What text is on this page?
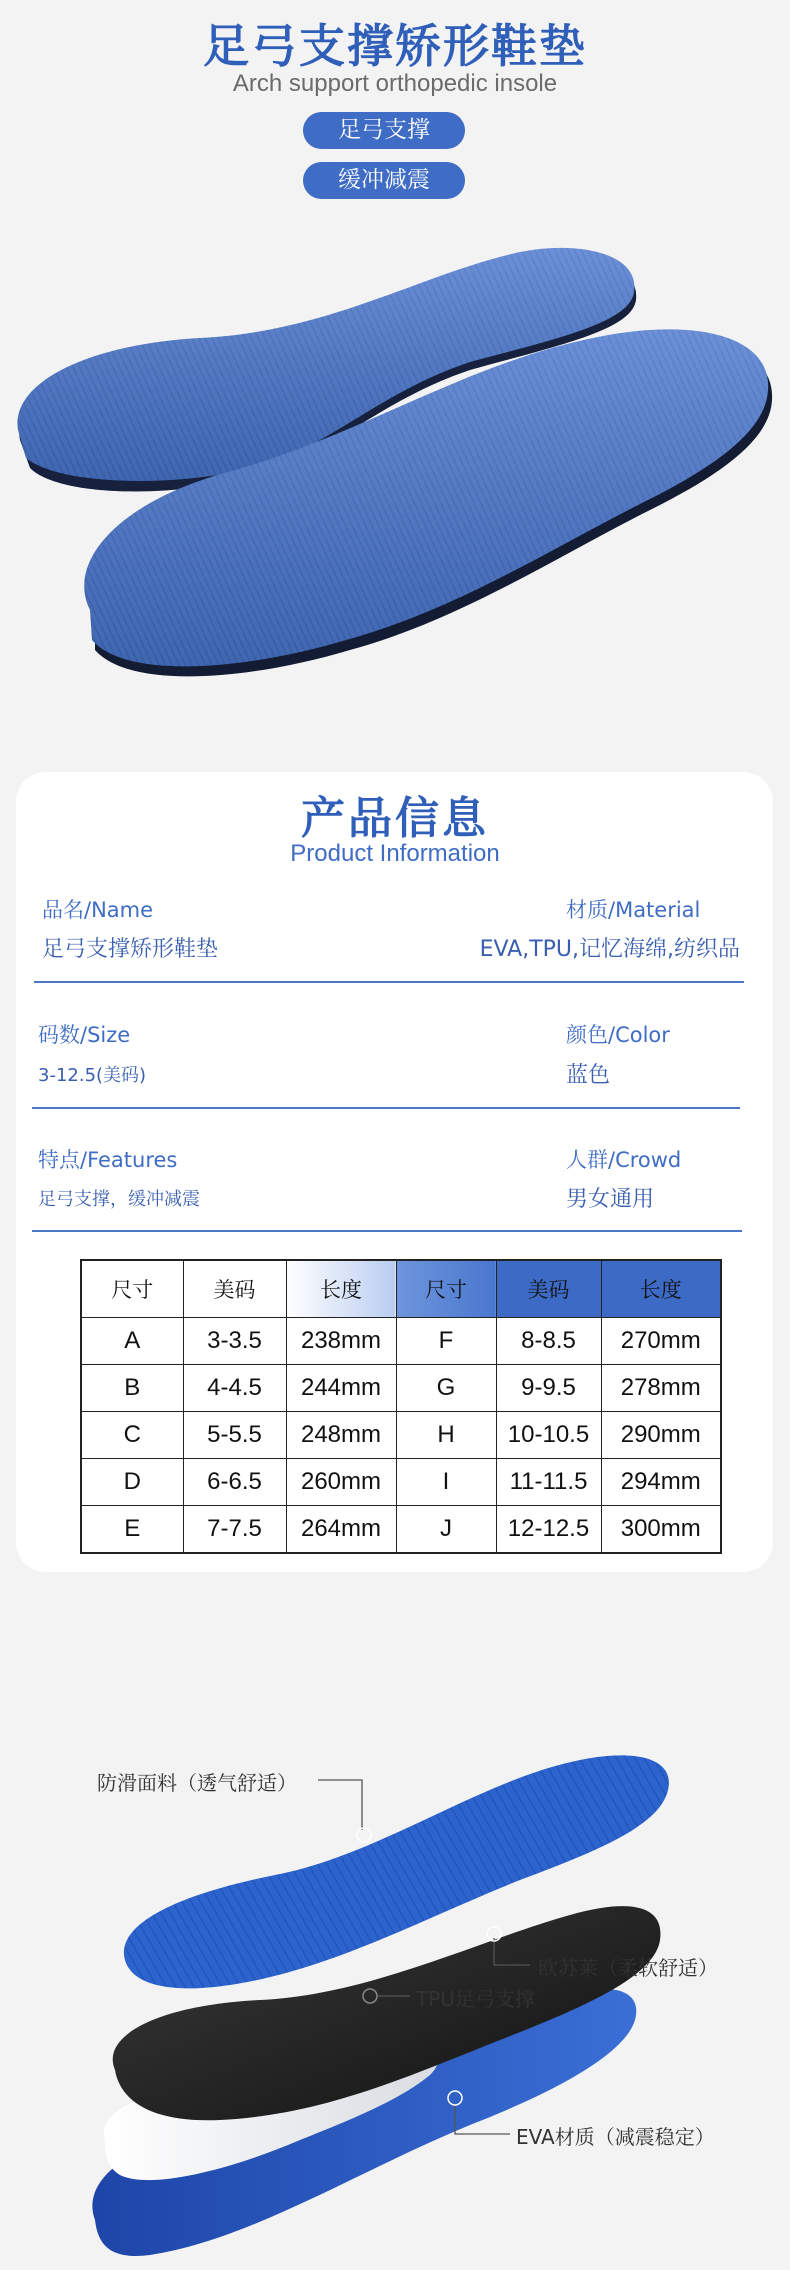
足弓支撑矫形鞋垫
Arch support orthopedic insole
足弓支撑
缓冲减震
产品信息
Product Information
品名/Name
足弓支撑矫形鞋垫
材质/Material
EVA,TPU,记忆海绵,纺织品
码数/Size
3-12.5(美码)
颜色/Color
蓝色
特点/Features
足弓支撑，缓冲减震
人群/Crowd
男女通用
尺寸	美码	长度	尺寸	美码	长度
A	3-3.5	238mm	F	8-8.5	270mm
B	4-4.5	244mm	G	9-9.5	278mm
C	5-5.5	248mm	H	10-10.5	290mm
D	6-6.5	260mm	I	11-11.5	294mm
E	7-7.5	264mm	J	12-12.5	300mm
防滑面料（透气舒适）
欧苏莱（柔软舒适）
TPU足弓支撑
EVA材质（减震稳定）
